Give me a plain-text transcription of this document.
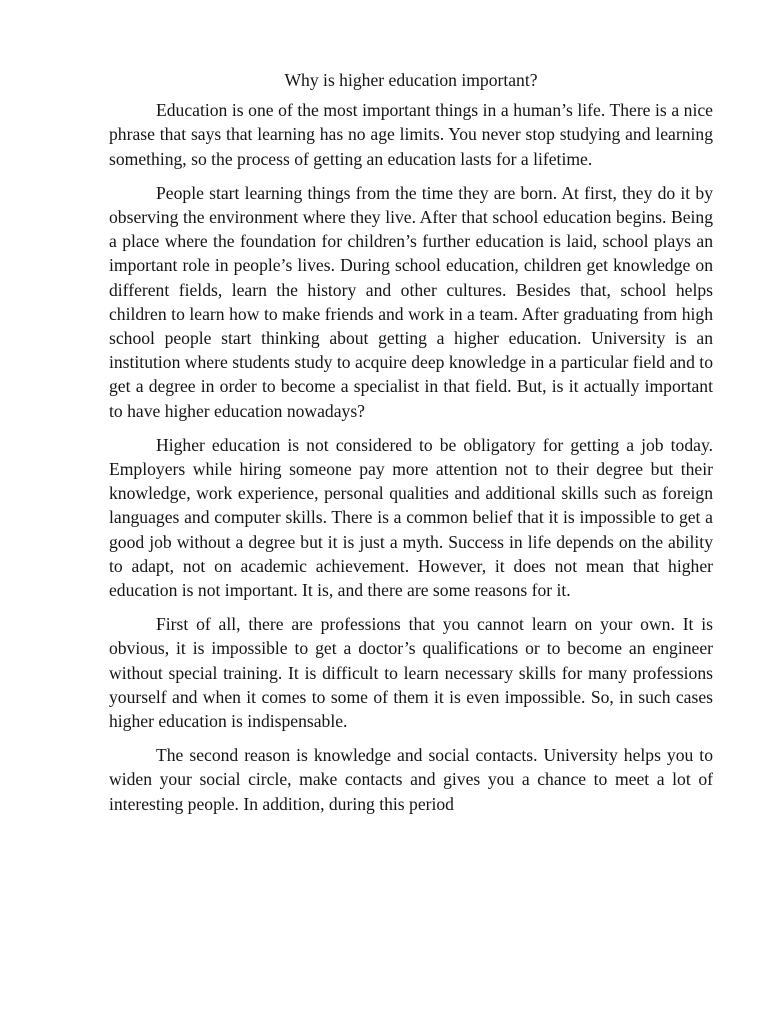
Why is higher education important?

Education is one of the most important things in a human’s life. There is a nice phrase that says that learning has no age limits. You never stop studying and learning something, so the process of getting an education lasts for a lifetime.

People start learning things from the time they are born. At first, they do it by observing the environment where they live. After that school education begins. Being a place where the foundation for children’s further education is laid, school plays an important role in people’s lives. During school education, children get knowledge on different fields, learn the history and other cultures. Besides that, school helps children to learn how to make friends and work in a team. After graduating from high school people start thinking about getting a higher education. University is an institution where students study to acquire deep knowledge in a particular field and to get a degree in order to become a specialist in that field. But, is it actually important to have higher education nowadays?

Higher education is not considered to be obligatory for getting a job today. Employers while hiring someone pay more attention not to their degree but their knowledge, work experience, personal qualities and additional skills such as foreign languages and computer skills. There is a common belief that it is impossible to get a good job without a degree but it is just a myth. Success in life depends on the ability to adapt, not on academic achievement. However, it does not mean that higher education is not important. It is, and there are some reasons for it.

First of all, there are professions that you cannot learn on your own. It is obvious, it is impossible to get a doctor’s qualifications or to become an engineer without special training. It is difficult to learn necessary skills for many professions yourself and when it comes to some of them it is even impossible. So, in such cases higher education is indispensable.

The second reason is knowledge and social contacts. University helps you to widen your social circle, make contacts and gives you a chance to meet a lot of interesting people. In addition, during this period
